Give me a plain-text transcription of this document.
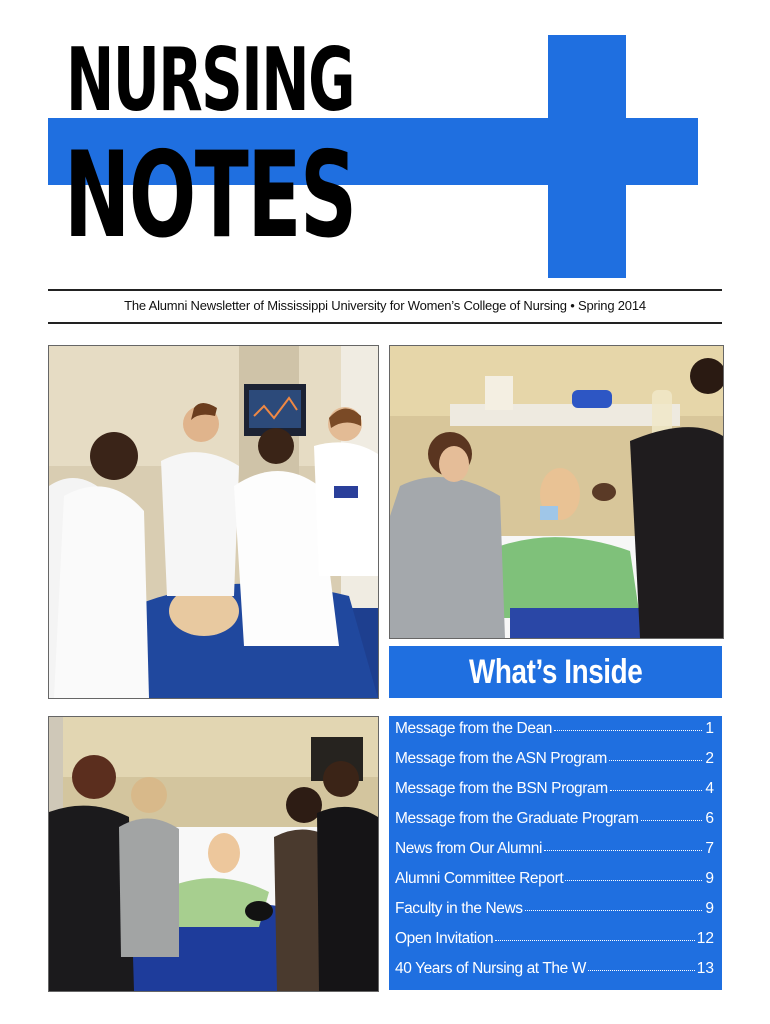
NURSING
NOTES
The Alumni Newsletter of Mississippi University for Women’s College of Nursing • Spring 2014
What’s Inside
Message from the Dean	1
Message from the ASN Program	2
Message from the BSN Program	4
Message from the Graduate Program	6
News from Our Alumni	7
Alumni Committee Report	9
Faculty in the News	9
Open Invitation	12
40 Years of Nursing at The W	13
